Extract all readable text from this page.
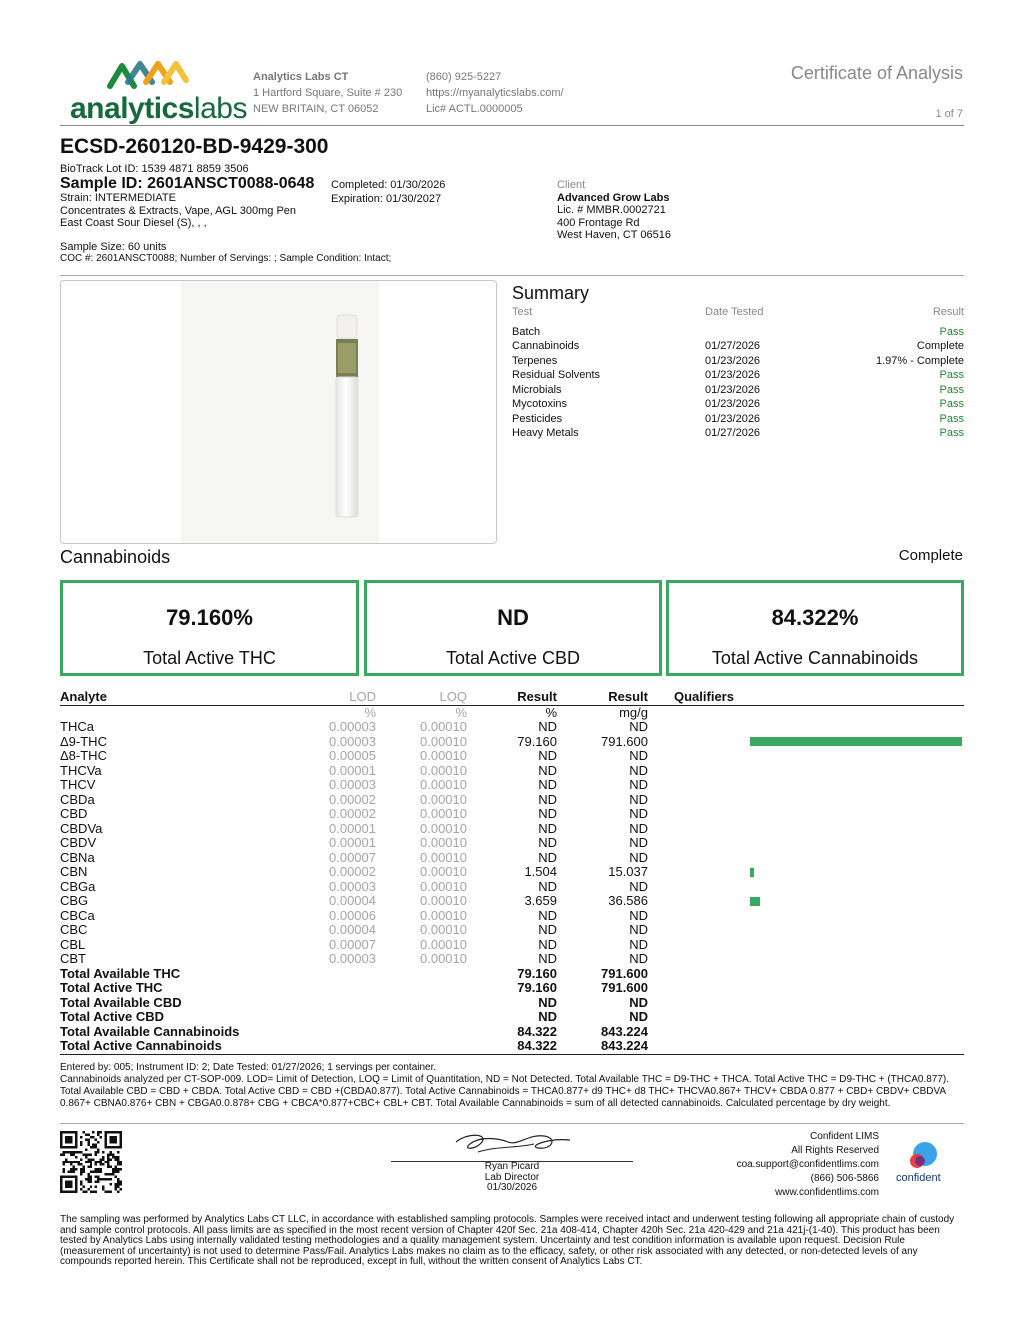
analyticslabs
Analytics Labs CT
1 Hartford Square, Suite # 230
NEW BRITAIN, CT 06052
(860) 925-5227
https://myanalyticslabs.com/
Lic# ACTL.0000005
Certificate of Analysis
1 of 7
ECSD-260120-BD-9429-300
BioTrack Lot ID: 1539 4871 8859 3506
Sample ID: 2601ANSCT0088-0648
Strain: INTERMEDIATE
Concentrates & Extracts, Vape, AGL 300mg Pen
East Coast Sour Diesel (S), , ,
Completed: 01/30/2026
Expiration: 01/30/2027
Client
Advanced Grow Labs
Lic. # MMBR.0002721
400 Frontage Rd
West Haven, CT 06516
Sample Size: 60 units
COC #: 2601ANSCT0088; Number of Servings: ; Sample Condition: Intact;
Summary
Test	Date Tested	Result
Batch		Pass
Cannabinoids	01/27/2026	Complete
Terpenes	01/23/2026	1.97% - Complete
Residual Solvents	01/23/2026	Pass
Microbials	01/23/2026	Pass
Mycotoxins	01/23/2026	Pass
Pesticides	01/23/2026	Pass
Heavy Metals	01/27/2026	Pass
Cannabinoids	Complete
79.160%
Total Active THC
ND
Total Active CBD
84.322%
Total Active Cannabinoids
Analyte	LOD	LOQ	Result	Result	Qualifiers	
	%	%	%	mg/g		
THCa	0.00003	0.00010	ND	ND		
Δ9-THC	0.00003	0.00010	79.160	791.600		

Δ8-THC	0.00005	0.00010	ND	ND		
THCVa	0.00001	0.00010	ND	ND		
THCV	0.00003	0.00010	ND	ND		
CBDa	0.00002	0.00010	ND	ND		
CBD	0.00002	0.00010	ND	ND		
CBDVa	0.00001	0.00010	ND	ND		
CBDV	0.00001	0.00010	ND	ND		
CBNa	0.00007	0.00010	ND	ND		
CBN	0.00002	0.00010	1.504	15.037		

CBGa	0.00003	0.00010	ND	ND		
CBG	0.00004	0.00010	3.659	36.586		

CBCa	0.00006	0.00010	ND	ND		
CBC	0.00004	0.00010	ND	ND		
CBL	0.00007	0.00010	ND	ND		
CBT	0.00003	0.00010	ND	ND		
Total Available THC			79.160	791.600		
Total Active THC			79.160	791.600		
Total Available CBD			ND	ND		
Total Active CBD			ND	ND		
Total Available Cannabinoids			84.322	843.224		
Total Active Cannabinoids			84.322	843.224		
Entered by: 005; Instrument ID: 2; Date Tested: 01/27/2026; 1 servings per container.
Cannabinoids analyzed per CT-SOP-009. LOD= Limit of Detection, LOQ = Limit of Quantitation, ND = Not Detected. Total Available THC = D9-THC + THCA. Total Active THC = D9-THC + (THCA0.877). Total Available CBD = CBD + CBDA. Total Active CBD = CBD +(CBDA0.877). Total Active Cannabinoids = THCA0.877+ d9 THC+ d8 THC+ THCVA0.867+ THCV+ CBDA 0.877 + CBD+ CBDV+ CBDVA 0.867+ CBNA0.876+ CBN + CBGA0.0.878+ CBG + CBCA*0.877+CBC+ CBL+ CBT. Total Available Cannabinoids = sum of all detected cannabinoids. Calculated percentage by dry weight.
Ryan Picard
Lab Director
01/30/2026
Confident LIMS
All Rights Reserved
coa.support@confidentlims.com
(866) 506-5866
www.confidentlims.com
confident
The sampling was performed by Analytics Labs CT LLC, in accordance with established sampling protocols. Samples were received intact and underwent testing following all appropriate chain of custody and sample control protocols. All pass limits are as specified in the most recent version of Chapter 420f Sec. 21a 408-414, Chapter 420h Sec. 21a 420-429 and 21a 421j-(1-40). This product has been tested by Analytics Labs using internally validated testing methodologies and a quality management system. Uncertainty and test condition information is available upon request. Decision Rule (measurement of uncertainty) is not used to determine Pass/Fail. Analytics Labs makes no claim as to the efficacy, safety, or other risk associated with any detected, or non-detected levels of any compounds reported herein. This Certificate shall not be reproduced, except in full, without the written consent of Analytics Labs CT.
